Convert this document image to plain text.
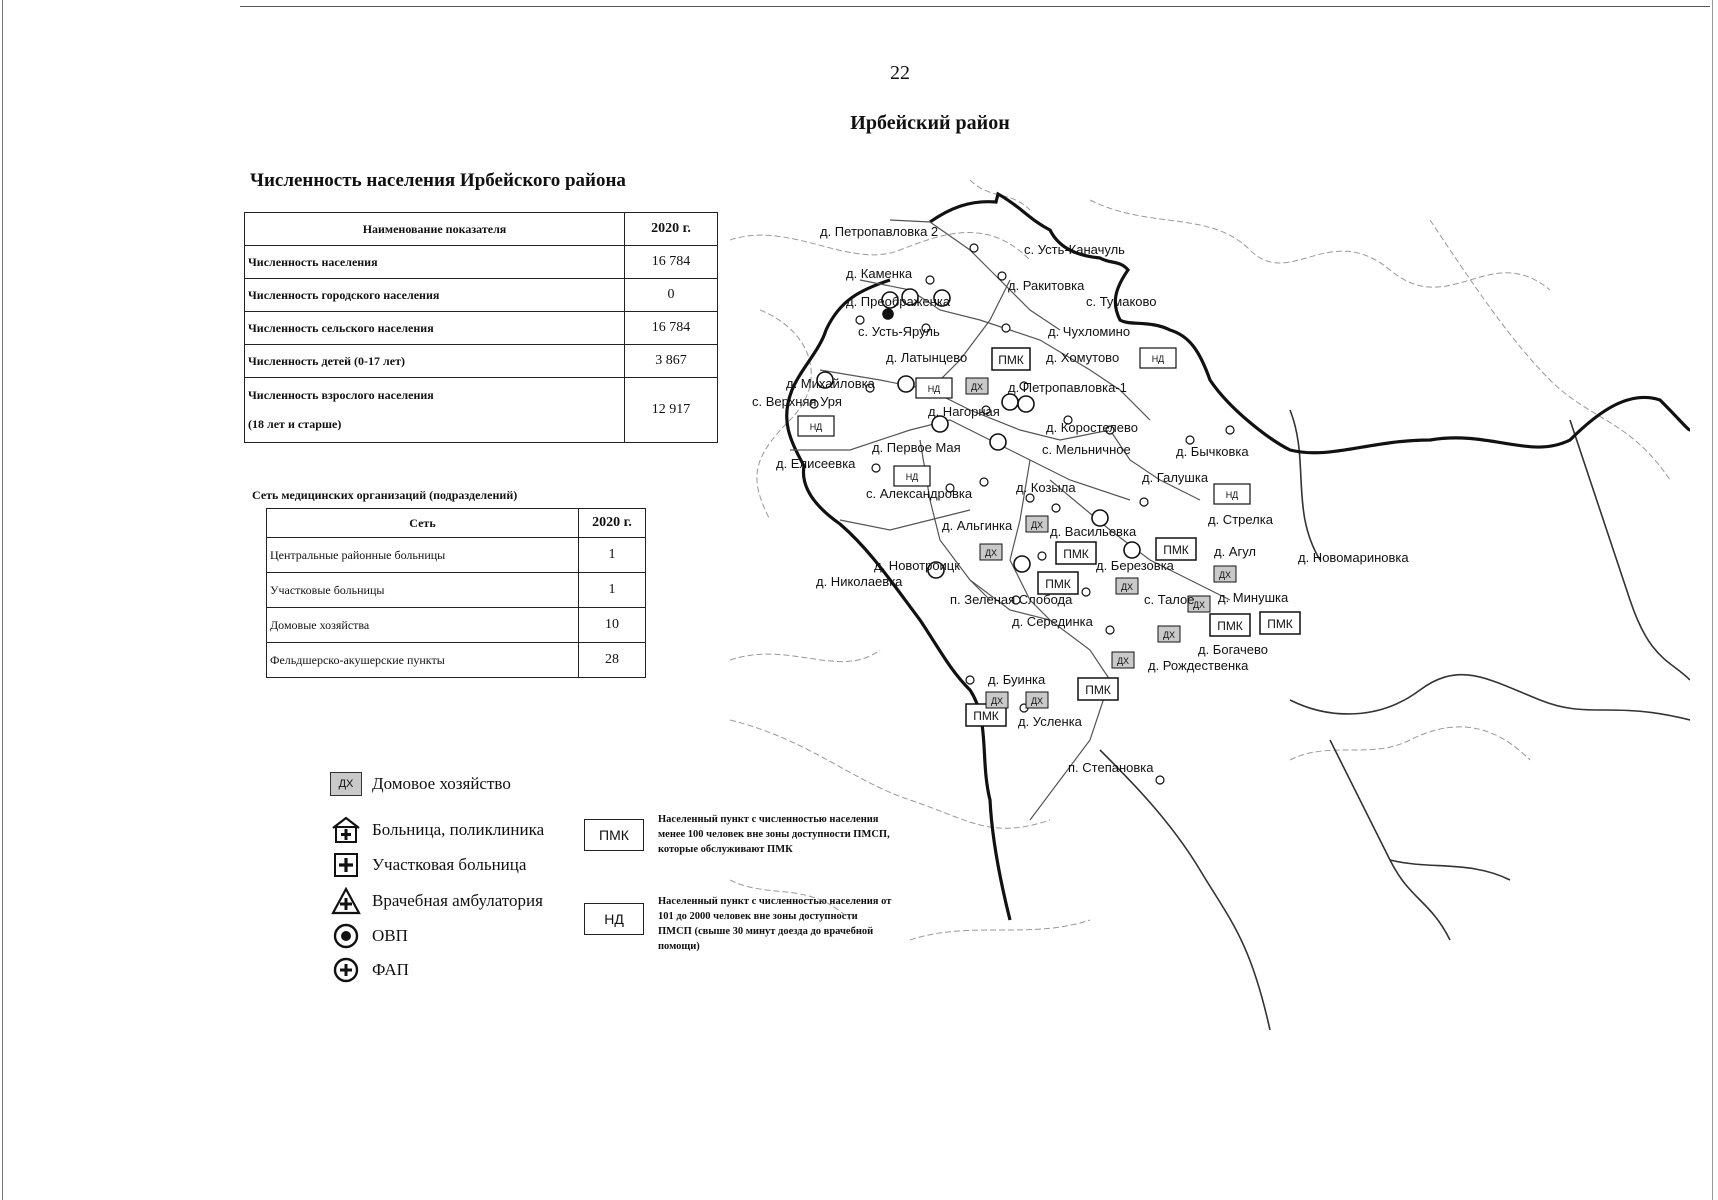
22
Ирбейский район
Численность населения Ирбейского района
Наименование показателя	2020 г.
Численность населения	16 784
Численность городского населения	0
Численность сельского населения	16 784
Численность детей (0-17 лет)	3 867

Численность взрослого населения
(18 лет и старше)	12 917
Сеть медицинских организаций (подразделений)
Сеть	2020 г.
Центральные районные больницы	1
Участковые больницы	1
Домовые хозяйства	10
Фельдшерско-акушерские пункты	28
ДХ	Домовое хозяйство
Больница, поликлиника
Участковая больница
Врачебная амбулатория
ОВП
ФАП
ПМК
Населенный пункт с численностью населения менее 100 человек вне зоны доступности ПМСП, которые обслуживают ПМК
НД
Населенный пункт с численностью населения от 101 до 2000 человек вне зоны доступности ПМСП (свыше 30 минут доезда до врачебной помощи)
ПМК
ПМК
ПМК
ПМК
ПМК ПМК
ПМК
ПМК
НД
НД
НД
НД
НД
ДХ
ДХ
ДХ
ДХ
ДХ
ДХ
ДХ
ДХ
ДХ	ДХ
д. Петропавловка 2
с. Усть-Каначуль
д. Каменка
д. Ракитовка
д. Преображенка	с. Тумаково
с. Усть-Яруль	д. Чухломино
д. Латынцево	д. Хомутово
д. Михайловка	д. Петропавловка-1
с. Верхняя Уря
д. Нагорная
д. Коростелево
д. Первое Мая	с. Мельничное	д. Бычковка
д. Елисеевка
д. Галушка
с. Александровка	д. Козыла
д. Стрелка
д. Альгинка	д. Васильевка
д. Агул	д. Новомариновка
д. Новотроицк	д. Березовка
д. Николаевка
с. Талое д. Минушка
п. Зеленая Слобода
д. Серединка
д. Богачево
д. Рождественка
д. Буинка
д. Усленка
п. Степановка
